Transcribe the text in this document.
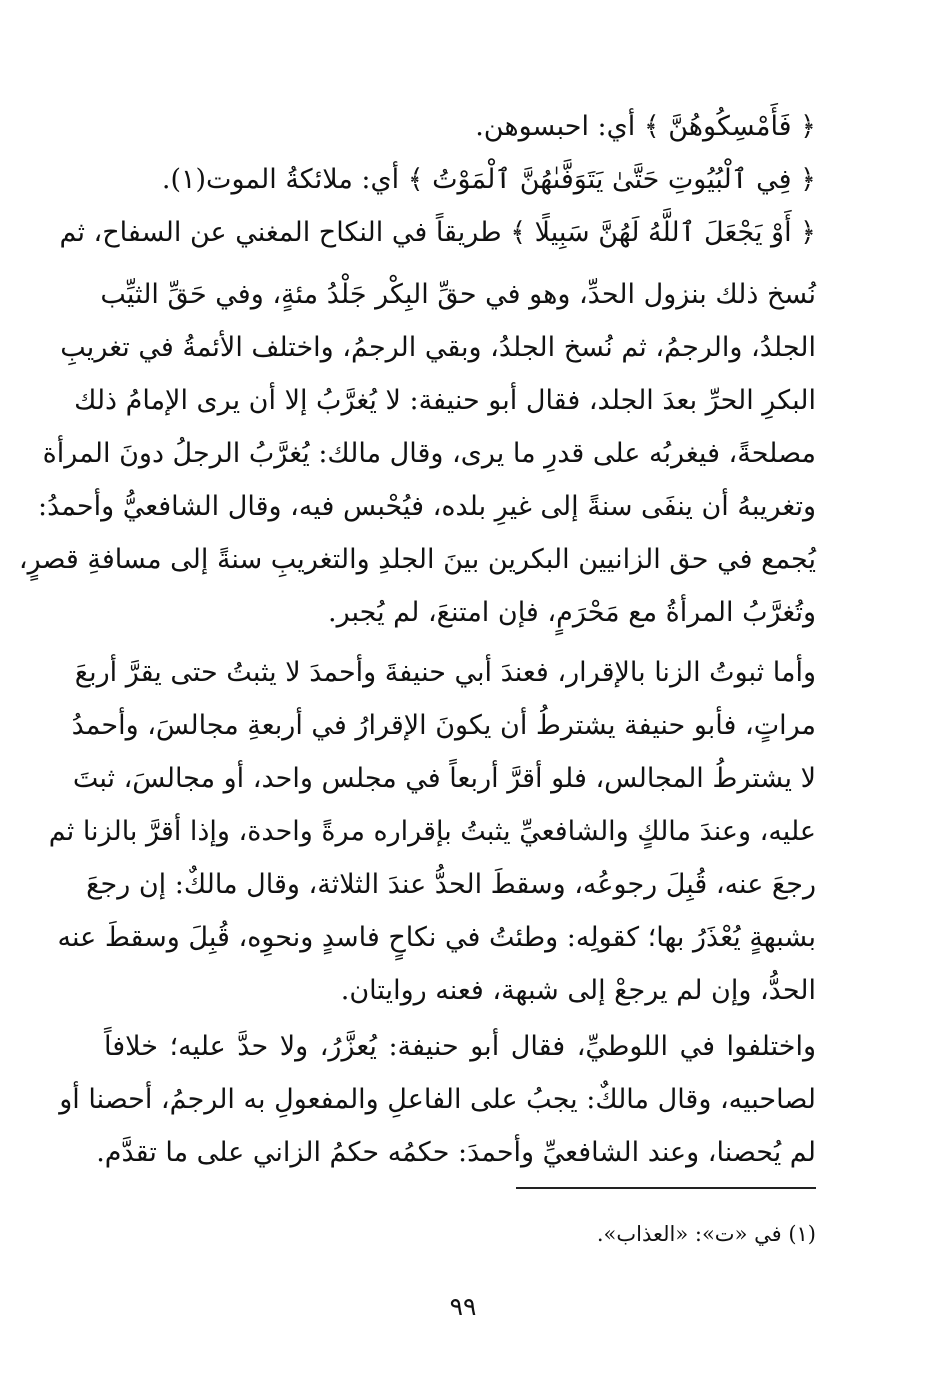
﴿ فَأَمْسِكُوهُنَّ ﴾ أي: احبسوهن.
﴿ فِي ٱلْبُيُوتِ حَتَّىٰ يَتَوَفَّىٰهُنَّ ٱلْمَوْتُ ﴾ أي: ملائكةُ الموت(١).
﴿ أَوْ يَجْعَلَ ٱللَّهُ لَهُنَّ سَبِيلًا ﴾ طريقاً في النكاح المغني عن السفاح، ثم
نُسخ ذلك بنزول الحدِّ، وهو في حقِّ البِكْر جَلْدُ مئةٍ، وفي حَقِّ الثيِّب
الجلدُ، والرجمُ، ثم نُسخ الجلدُ، وبقي الرجمُ، واختلف الأئمةُ في تغريبِ
البكرِ الحرِّ بعدَ الجلد، فقال أبو حنيفة: لا يُغرَّبُ إلا أن يرى الإمامُ ذلك
مصلحةً، فيغربُه على قدرِ ما يرى، وقال مالك: يُغرَّبُ الرجلُ دونَ المرأة
وتغريبهُ أن ينفَى سنةً إلى غيرِ بلده، فيُحْبس فيه، وقال الشافعيُّ وأحمدُ:
يُجمع في حق الزانيين البكرين بينَ الجلدِ والتغريبِ سنةً إلى مسافةِ قصرٍ،
وتُغرَّبُ المرأةُ مع مَحْرَمٍ، فإن امتنعَ، لم يُجبر.
وأما ثبوتُ الزنا بالإقرار، فعندَ أبي حنيفةَ وأحمدَ لا يثبتُ حتى يقرَّ أربعَ
مراتٍ، فأبو حنيفة يشترطُ أن يكونَ الإقرارُ في أربعةِ مجالسَ، وأحمدُ
لا يشترطُ المجالس، فلو أقرَّ أربعاً في مجلس واحد، أو مجالسَ، ثبتَ
عليه، وعندَ مالكٍ والشافعيِّ يثبتُ بإقراره مرةً واحدة، وإذا أقرَّ بالزنا ثم
رجعَ عنه، قُبِلَ رجوعُه، وسقطَ الحدُّ عندَ الثلاثة، وقال مالكٌ: إن رجعَ
بشبهةٍ يُعْذَرُ بها؛ كقولِه: وطئتُ في نكاحٍ فاسدٍ ونحوِه، قُبِلَ وسقطَ عنه
الحدُّ، وإن لم يرجعْ إلى شبهة، فعنه روايتان.
واختلفوا في اللوطيِّ، فقال أبو حنيفة: يُعزَّرُ، ولا حدَّ عليه؛ خلافاً
لصاحبيه، وقال مالكٌ: يجبُ على الفاعلِ والمفعولِ به الرجمُ، أحصنا أو
لم يُحصنا، وعند الشافعيِّ وأحمدَ: حكمُه حكمُ الزاني على ما تقدَّم.
(١) في «ت»: «العذاب».
٩٩
